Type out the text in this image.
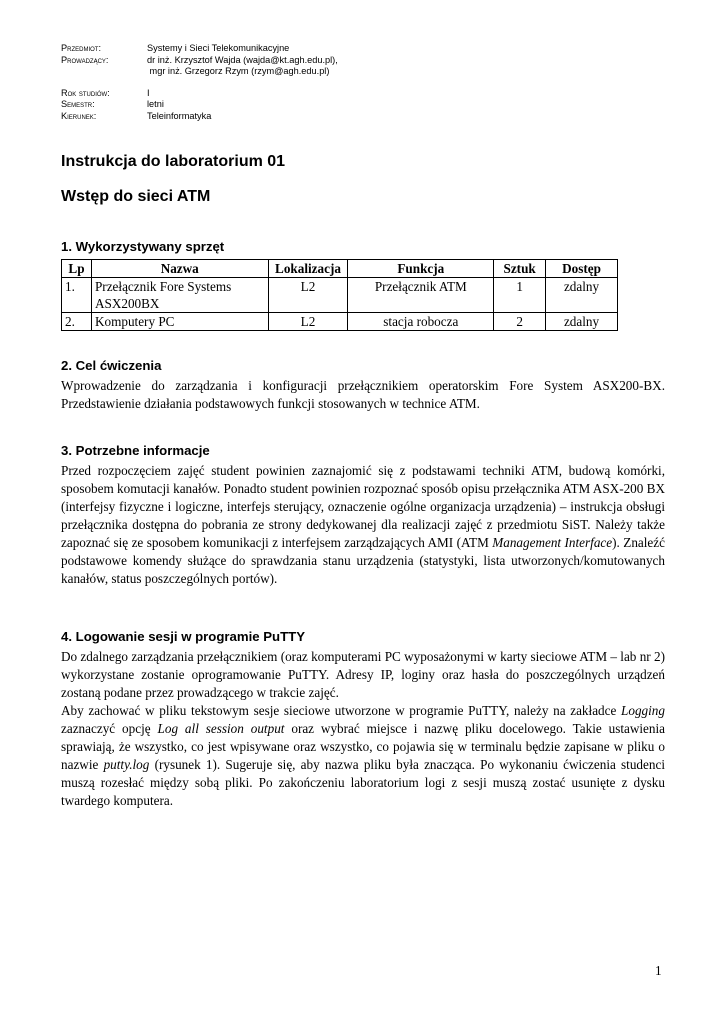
Przedmiot:	Systemy i Sieci Telekomunikacyjne
Prowadzący:	dr inż. Krzysztof Wajda (wajda@kt.agh.edu.pl),
mgr inż. Grzegorz Rzym (rzym@agh.edu.pl)
Rok studiów:	I
Semestr:	letni
Kierunek:	Teleinformatyka
Instrukcja do laboratorium 01
Wstęp do sieci ATM
1. Wykorzystywany sprzęt
Lp	Nazwa	Lokalizacja	Funkcja	Sztuk	Dostęp
1.	Przełącznik Fore Systems ASX200BX	L2	Przełącznik ATM	1	zdalny
2.	Komputery PC	L2	stacja robocza	2	zdalny
2. Cel ćwiczenia

Wprowadzenie do zarządzania i konfiguracji przełącznikiem operatorskim Fore System ASX200-BX. Przedstawienie działania podstawowych funkcji stosowanych w technice ATM.

3. Potrzebne informacje

Przed rozpoczęciem zajęć student powinien zaznajomić się z podstawami techniki ATM, budową komórki, sposobem komutacji kanałów. Ponadto student powinien rozpoznać sposób opisu przełącznika ATM ASX-200 BX (interfejsy fizyczne i logiczne, interfejs sterujący, oznaczenie ogólne organizacja urządzenia) – instrukcja obsługi przełącznika dostępna do pobrania ze strony dedykowanej dla realizacji zajęć z przedmiotu SiST. Należy także zapoznać się ze sposobem komunikacji z interfejsem zarządzających AMI (ATM Management Interface). Znaleźć podstawowe komendy służące do sprawdzania stanu urządzenia (statystyki, lista utworzonych/komutowanych kanałów, status poszczególnych portów).

4. Logowanie sesji w programie PuTTY

Do zdalnego zarządzania przełącznikiem (oraz komputerami PC wyposażonymi w karty sieciowe ATM – lab nr 2) wykorzystane zostanie oprogramowanie PuTTY. Adresy IP, loginy oraz hasła do poszczególnych urządzeń zostaną podane przez prowadzącego w trakcie zajęć.

Aby zachować w pliku tekstowym sesje sieciowe utworzone w programie PuTTY, należy na zakładce Logging zaznaczyć opcję Log all session output oraz wybrać miejsce i nazwę pliku docelowego. Takie ustawienia sprawiają, że wszystko, co jest wpisywane oraz wszystko, co pojawia się w terminalu będzie zapisane w pliku o nazwie putty.log (rysunek 1). Sugeruje się, aby nazwa pliku była znacząca. Po wykonaniu ćwiczenia studenci muszą rozesłać między sobą pliki. Po zakończeniu laboratorium logi z sesji muszą zostać usunięte z dysku twardego komputera.

1
